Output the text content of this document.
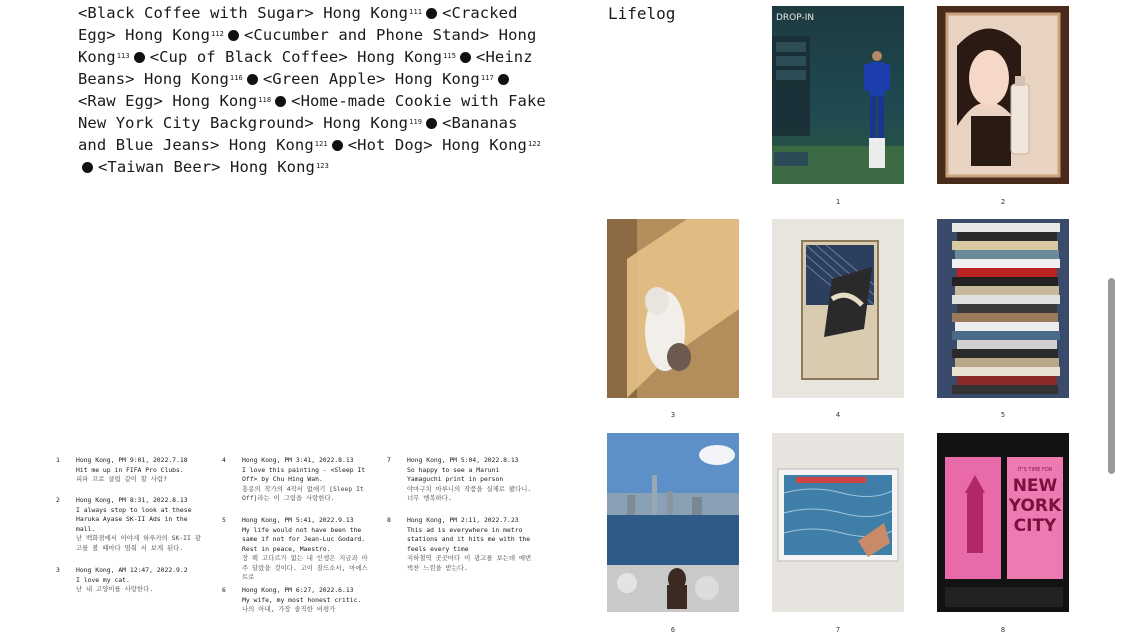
<Black Coffee with Sugar> Hong Kong$^{111}$ <Cracked Egg> Hong Kong$^{112}$ <Cucumber and Phone Stand> Hong Kong$^{113}$ <Cup of Black Coffee> Hong Kong$^{115}$ <Heinz Beans> Hong Kong$^{116}$ <Green Apple> Hong Kong$^{117}$<Raw Egg> Hong Kong$^{118}$ <Home-made Cookie with Fake New York City Background> Hong Kong$^{119}$ <Bananas and Blue Jeans> Hong Kong$^{121}$ <Hot Dog> Hong Kong$^{122}$<Taiwan Beer> Hong Kong$^{123}$
Lifelog
1	Hong Kong, PM 9:01, 2022.7.18
Hit me up in FIFA Pro Clubs.
피파 프로 클럽 같이 할 사람?
2	Hong Kong, PM 8:31, 2022.8.13
I always stop to look at these Haruka Ayase SK-II Ads in the mall.
난 백화점에서 아야세 하루카의 SK-II 광고를 볼 때마다 멈춰 서 보게 된다.
3	Hong Kong, AM 12:47, 2022.9.2
I love my cat.
난 내 고양이를 사랑한다.
4	Hong Kong, PM 3:41, 2022.8.13
I love this painting - <Sleep It Off> by Chu Hing Wah.
홍콩의 작가의 4작서 없애기 [Sleep It Off]라는 이 그림을 사랑한다.
5	Hong Kong, PM 5:41, 2022.9.13
My life would not have been the same if not for Jean-Luc Godard. Rest in peace, Maestro.
장 뤽 고다르가 없는 내 인생은 지금과 아주 달랐을 것이다. 고이 잠드소서, 마에스트로
6	Hong Kong, PM 6:27, 2022.6.13
My wife, my most honest critic.
나의 아내, 가장 솔직한 비평가
7	Hong Kong, PM 5:04, 2022.8.13
So happy to see a Maruni Yamaguchi print in person
야마구치 마루니의 작품을 실제로 봤다니. 너무 행복하다.
8	Hong Kong, PM 2:11, 2022.7.23
This ad is everywhere in metro stations and it hits me with the feels every time
지하철역 곳곳마다 이 광고를 보는데 매번 벅찬 느낌을 받는다.
DROP-IN
IT'S TIME FOR
NEW
YORK
CITY
1	2
3	4	5
6	7	8
